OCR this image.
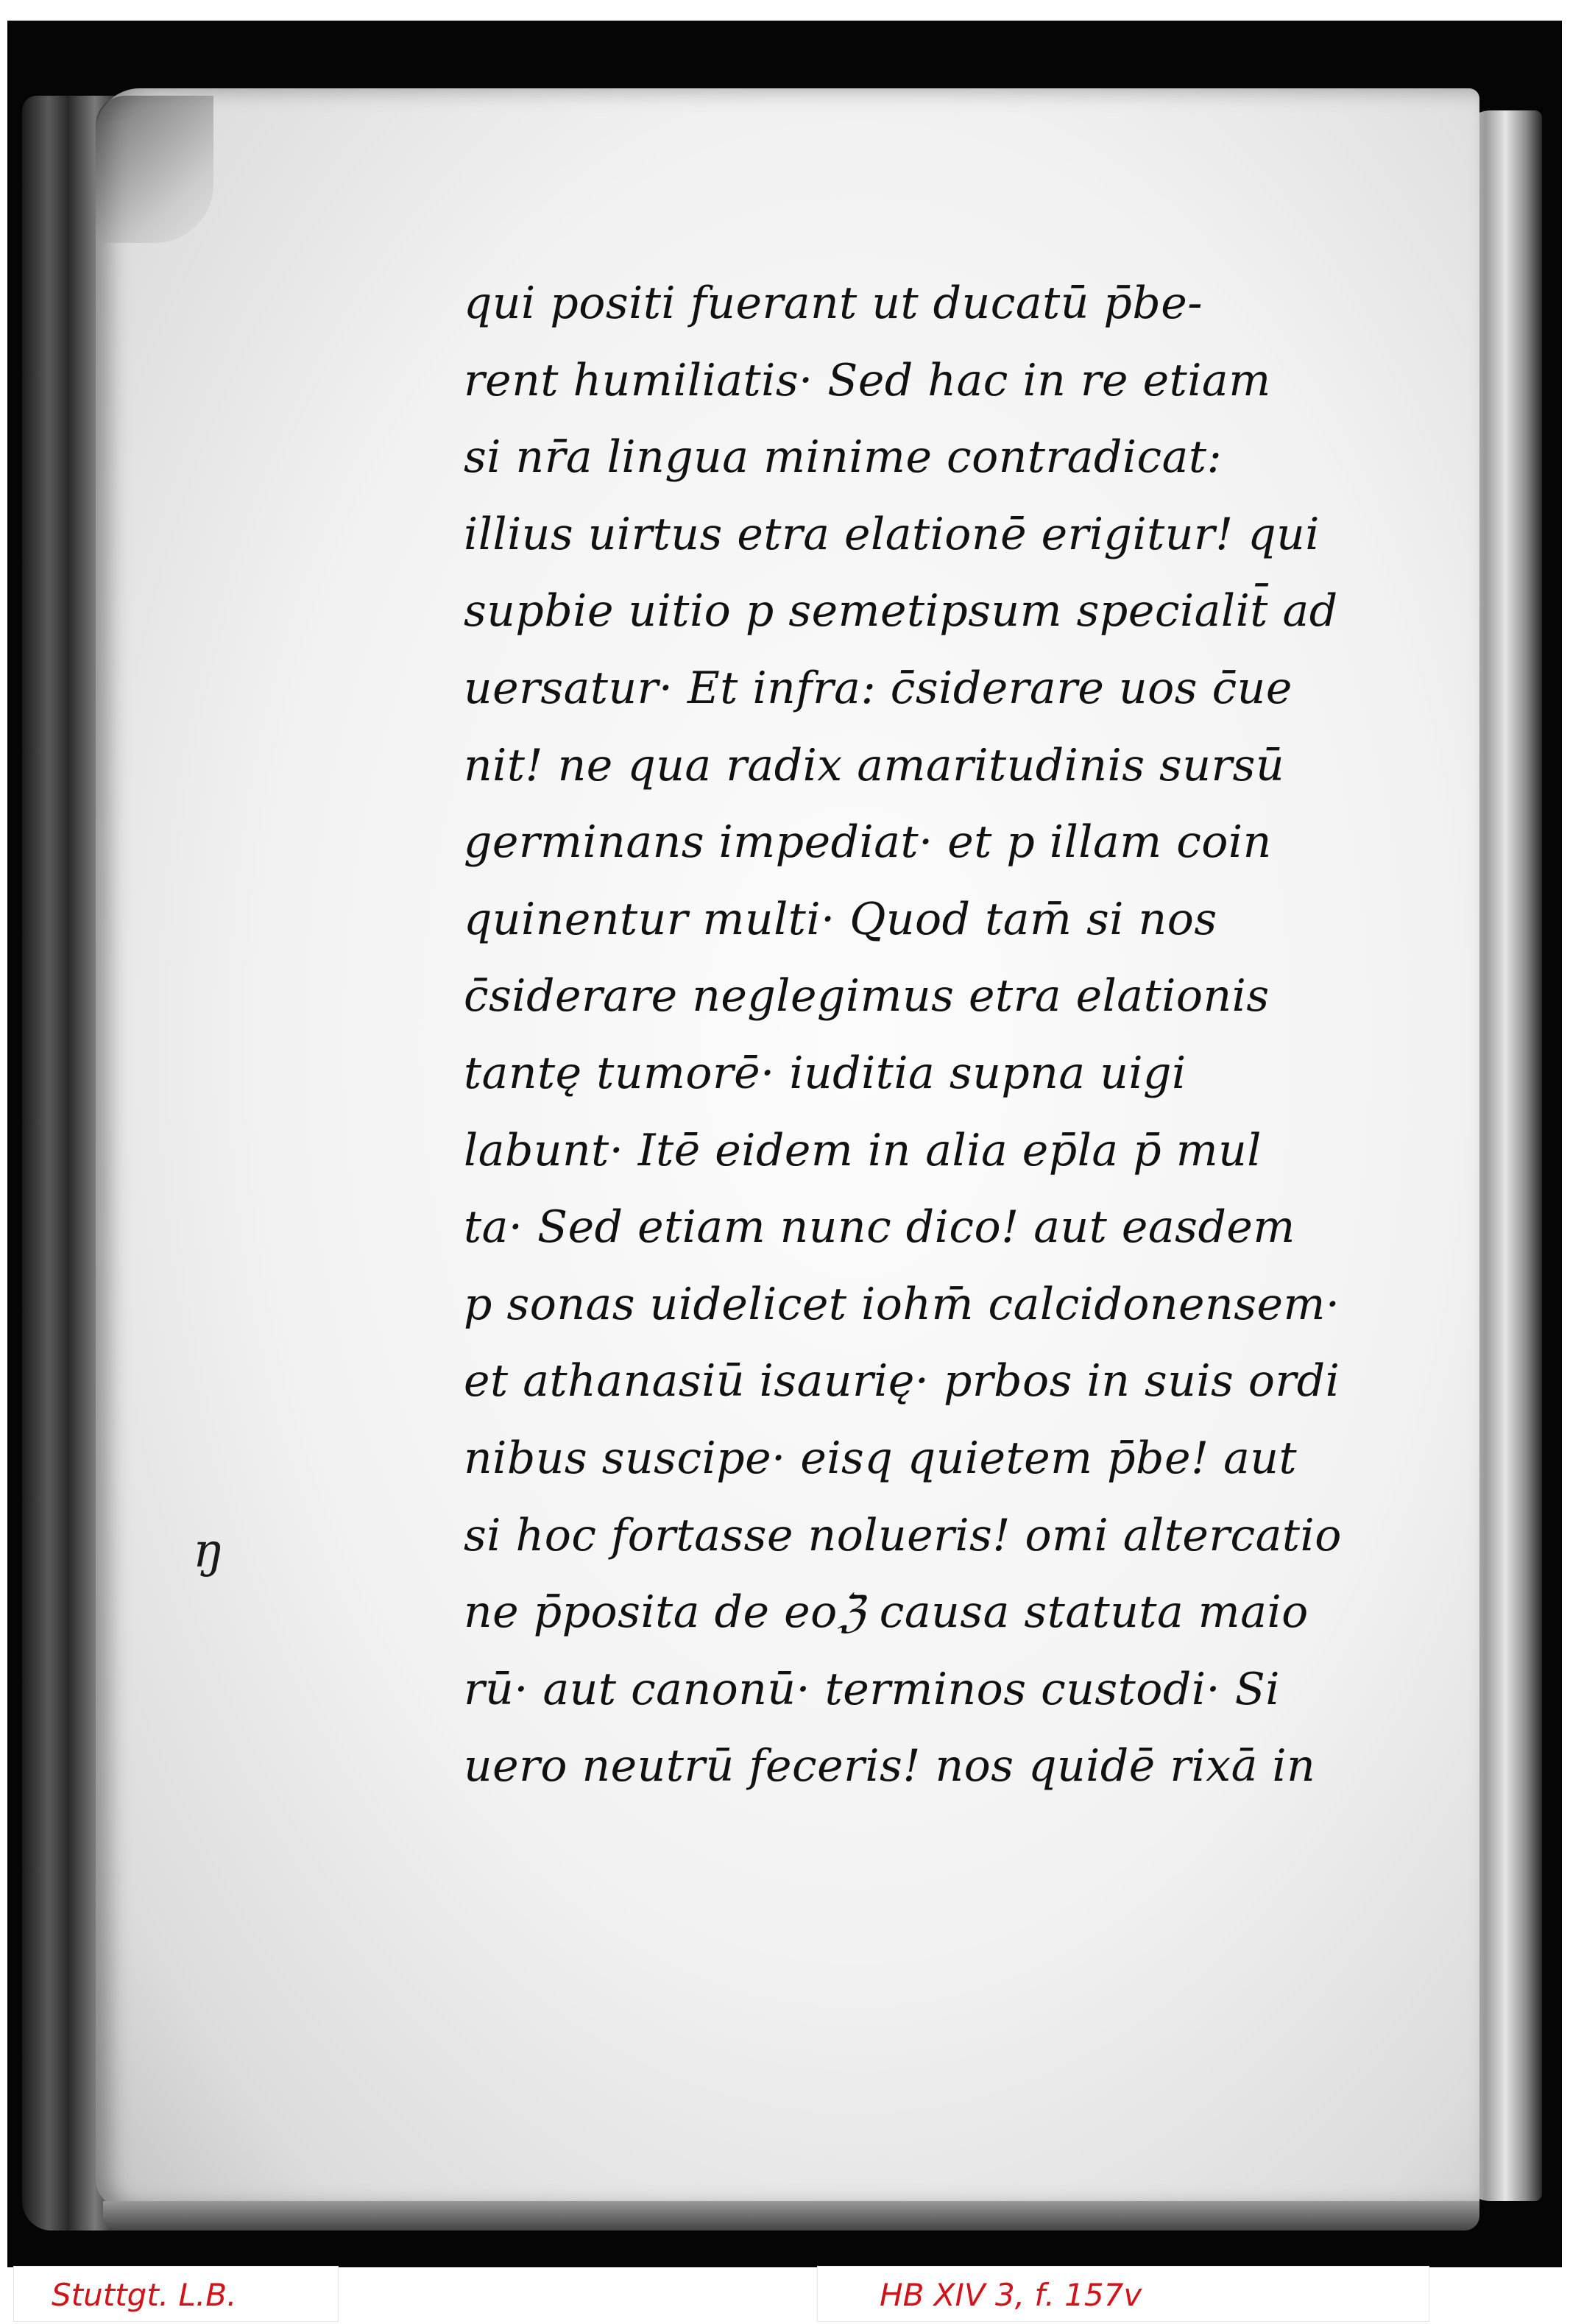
qui positi fuerant ut ducatū p̄be-
rent humiliatis· Sed hac in re etiam
si nr̄a lingua minime contradicat:
illius uirtus etra elationē erigitur! qui
supbie uitio p semetipsum specialit̄ ad
uersatur· Et infra: c̄siderare uos c̄ue
nit! ne qua radix amaritudinis sursū
germinans impediat· et p illam coin
quinentur multi· Quod tam̄ si nos
c̄siderare neglegimus etra elationis
tantę tumorē· iuditia supna uigi
labunt· Itē eidem in alia ep̄la p̄ mul
ta· Sed etiam nunc dico! aut easdem
p sonas uidelicet iohm̄ calcidonensem·
et athanasiū isaurię· prbos in suis ordi
nibus suscipe· eisq quietem p̄be! aut
si hoc fortasse nolueris! omi altercatio
ne p̄posita de eoℨ causa statuta maio
rū· aut canonū· terminos custodi· Si
uero neutrū feceris! nos quidē rixā in
ŋ
Stuttgt. L.B.	HB XIV 3, f. 157v
